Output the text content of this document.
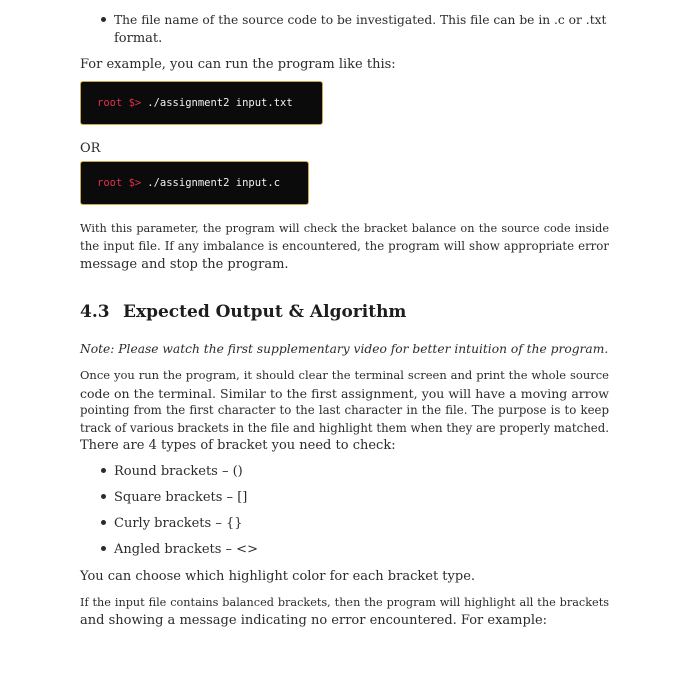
The file name of the source code to be investigated. This file can be in .c or .txt
format.
For example, you can run the program like this:
root $> ./assignment2 input.txt
OR
root $> ./assignment2 input.c
With this parameter, the program will check the bracket balance on the source code inside
the input file. If any imbalance is encountered, the program will show appropriate error
message and stop the program.
4.3 Expected Output & Algorithm
Note: Please watch the first supplementary video for better intuition of the program.
Once you run the program, it should clear the terminal screen and print the whole source
code on the terminal. Similar to the first assignment, you will have a moving arrow
pointing from the first character to the last character in the file. The purpose is to keep
track of various brackets in the file and highlight them when they are properly matched.
There are 4 types of bracket you need to check:
Round brackets – ()
Square brackets – []
Curly brackets – {}
Angled brackets – <>
You can choose which highlight color for each bracket type.
If the input file contains balanced brackets, then the program will highlight all the brackets
and showing a message indicating no error encountered. For example:
